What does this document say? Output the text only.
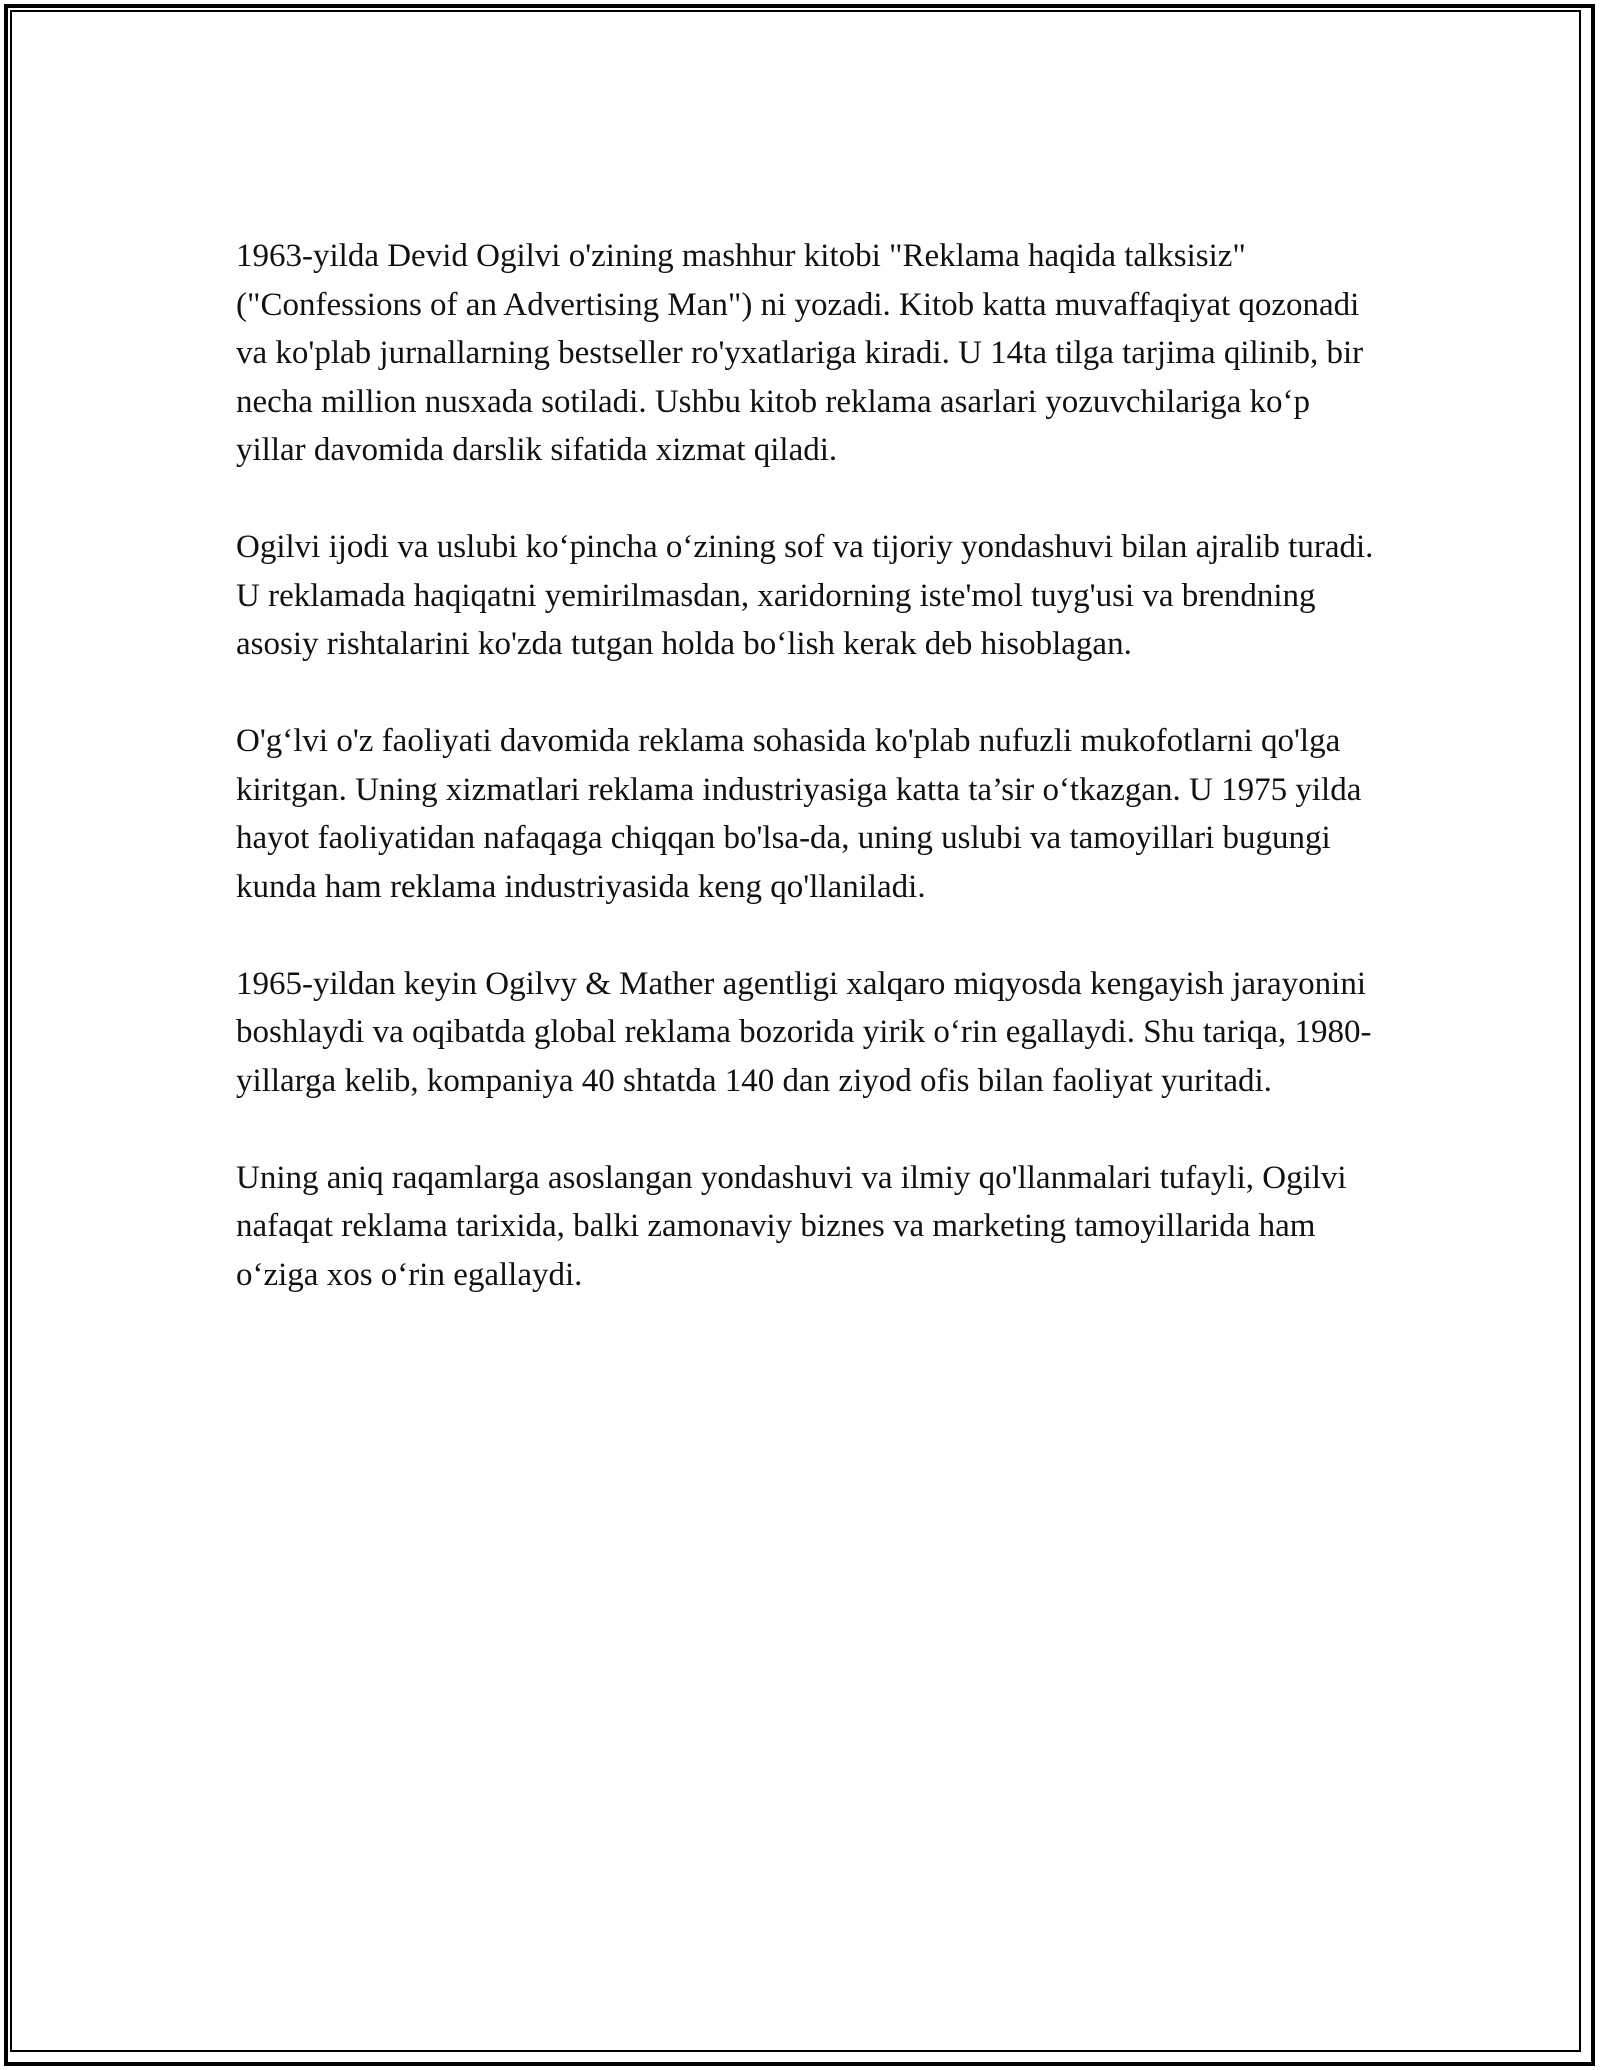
1963-yilda Devid Ogilvi o'zining mashhur kitobi "Reklama haqida talksisiz" ("Confessions of an Advertising Man") ni yozadi. Kitob katta muvaffaqiyat qozonadi va ko'plab jurnallarning bestseller ro'yxatlariga kiradi. U 14ta tilga tarjima qilinib, bir necha million nusxada sotiladi. Ushbu kitob reklama asarlari yozuvchilariga ko‘p yillar davomida darslik sifatida xizmat qiladi.

Ogilvi ijodi va uslubi ko‘pincha o‘zining sof va tijoriy yondashuvi bilan ajralib turadi. U reklamada haqiqatni yemirilmasdan, xaridorning iste'mol tuyg'usi va brendning asosiy rishtalarini ko'zda tutgan holda bo‘lish kerak deb hisoblagan.

O'g‘lvi o'z faoliyati davomida reklama sohasida ko'plab nufuzli mukofotlarni qo'lga kiritgan. Uning xizmatlari reklama industriyasiga katta ta’sir o‘tkazgan. U 1975 yilda hayot faoliyatidan nafaqaga chiqqan bo'lsa-da, uning uslubi va tamoyillari bugungi kunda ham reklama industriyasida keng qo'llaniladi.

1965-yildan keyin Ogilvy & Mather agentligi xalqaro miqyosda kengayish jarayonini boshlaydi va oqibatda global reklama bozorida yirik o‘rin egallaydi. Shu tariqa, 1980-yillarga kelib, kompaniya 40 shtatda 140 dan ziyod ofis bilan faoliyat yuritadi.

Uning aniq raqamlarga asoslangan yondashuvi va ilmiy qo'llanmalari tufayli, Ogilvi nafaqat reklama tarixida, balki zamonaviy biznes va marketing tamoyillarida ham o‘ziga xos o‘rin egallaydi.
